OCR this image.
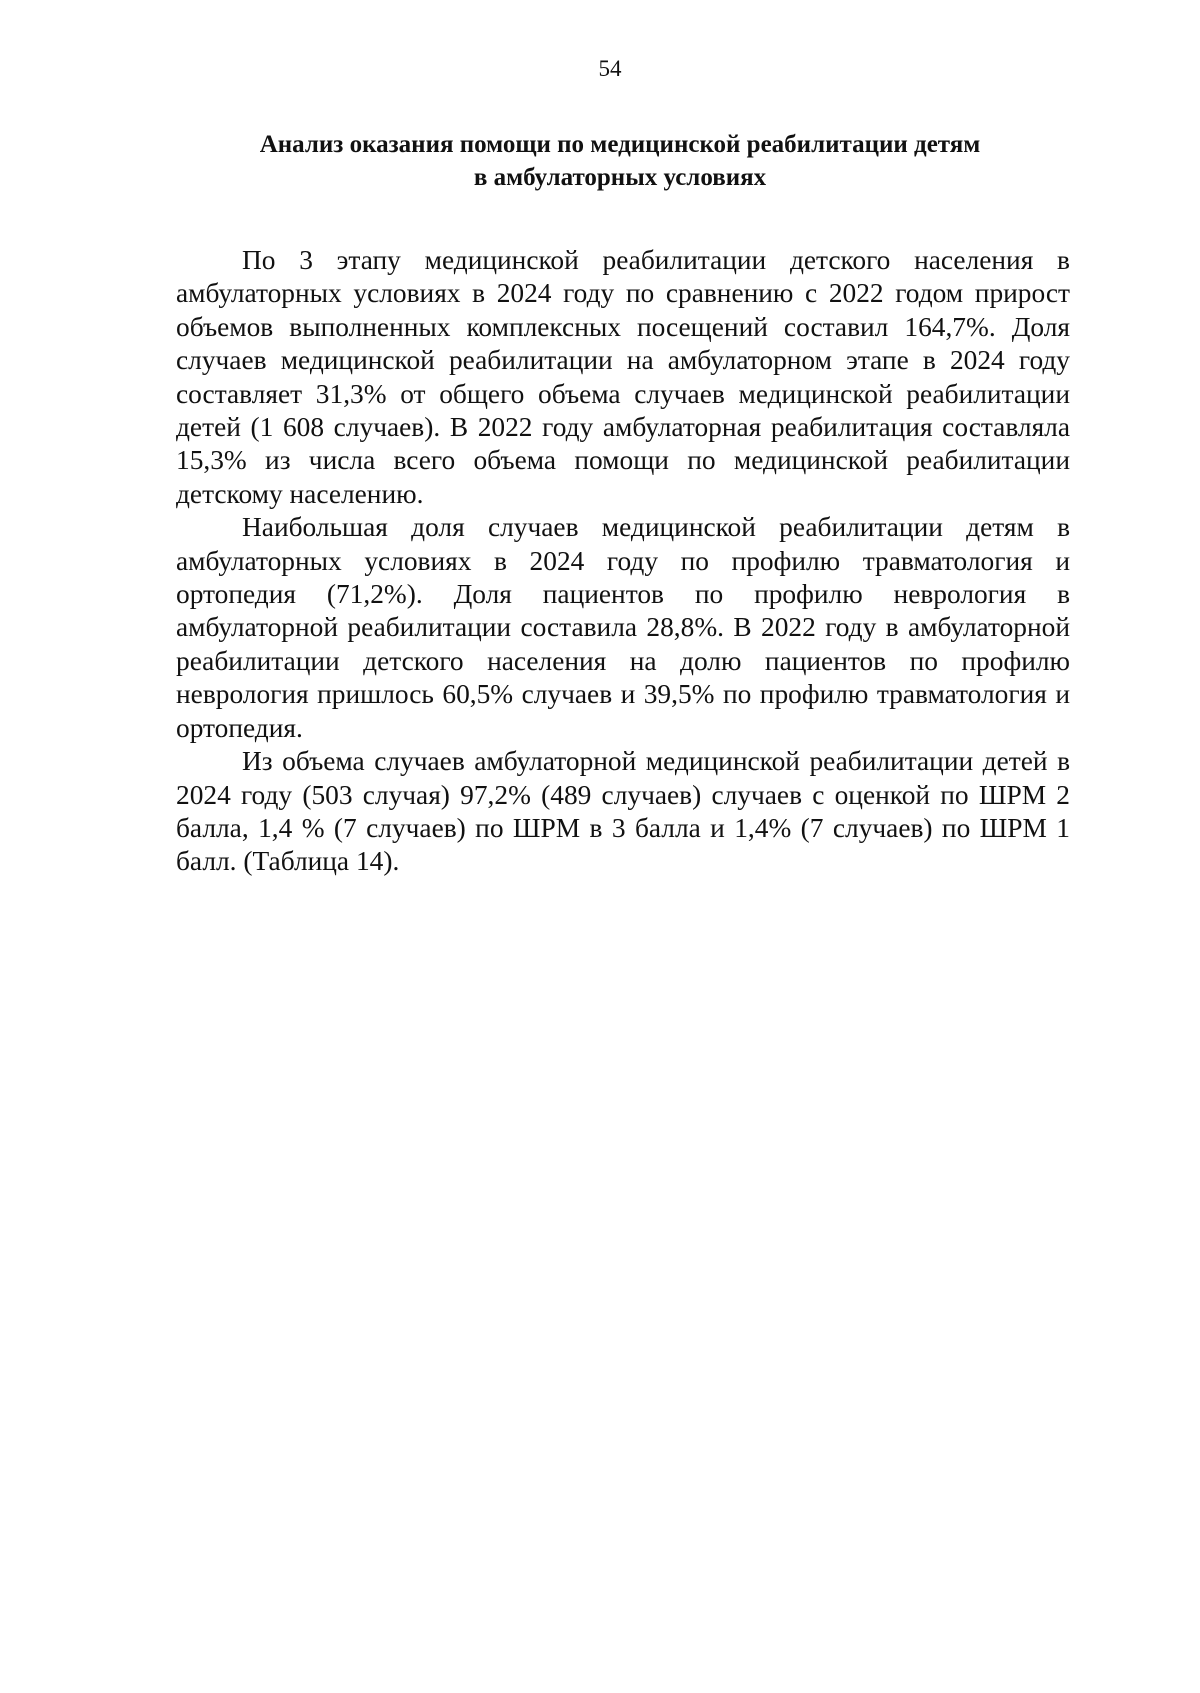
54
Анализ оказания помощи по медицинской реабилитации детям
в амбулаторных условиях

По 3 этапу медицинской реабилитации детского населения в амбулаторных условиях в 2024 году по сравнению с 2022 годом прирост объемов выполненных комплексных посещений составил 164,7%. Доля случаев медицинской реабилитации на амбулаторном этапе в 2024 году составляет 31,3% от общего объема случаев медицинской реабилитации детей (1 608 случаев). В 2022 году амбулаторная реабилитация составляла 15,3% из числа всего объема помощи по медицинской реабилитации детскому населению.

Наибольшая доля случаев медицинской реабилитации детям в амбулаторных условиях в 2024 году по профилю травматология и ортопедия (71,2%). Доля пациентов по профилю неврология в амбулаторной реабилитации составила 28,8%. В 2022 году в амбулаторной реабилитации детского населения на долю пациентов по профилю неврология пришлось 60,5% случаев и 39,5% по профилю травматология и ортопедия.

Из объема случаев амбулаторной медицинской реабилитации детей в 2024 году (503 случая) 97,2% (489 случаев) случаев с оценкой по ШРМ 2 балла, 1,4 % (7 случаев) по ШРМ в 3 балла и 1,4% (7 случаев) по ШРМ 1 балл. (Таблица 14).
